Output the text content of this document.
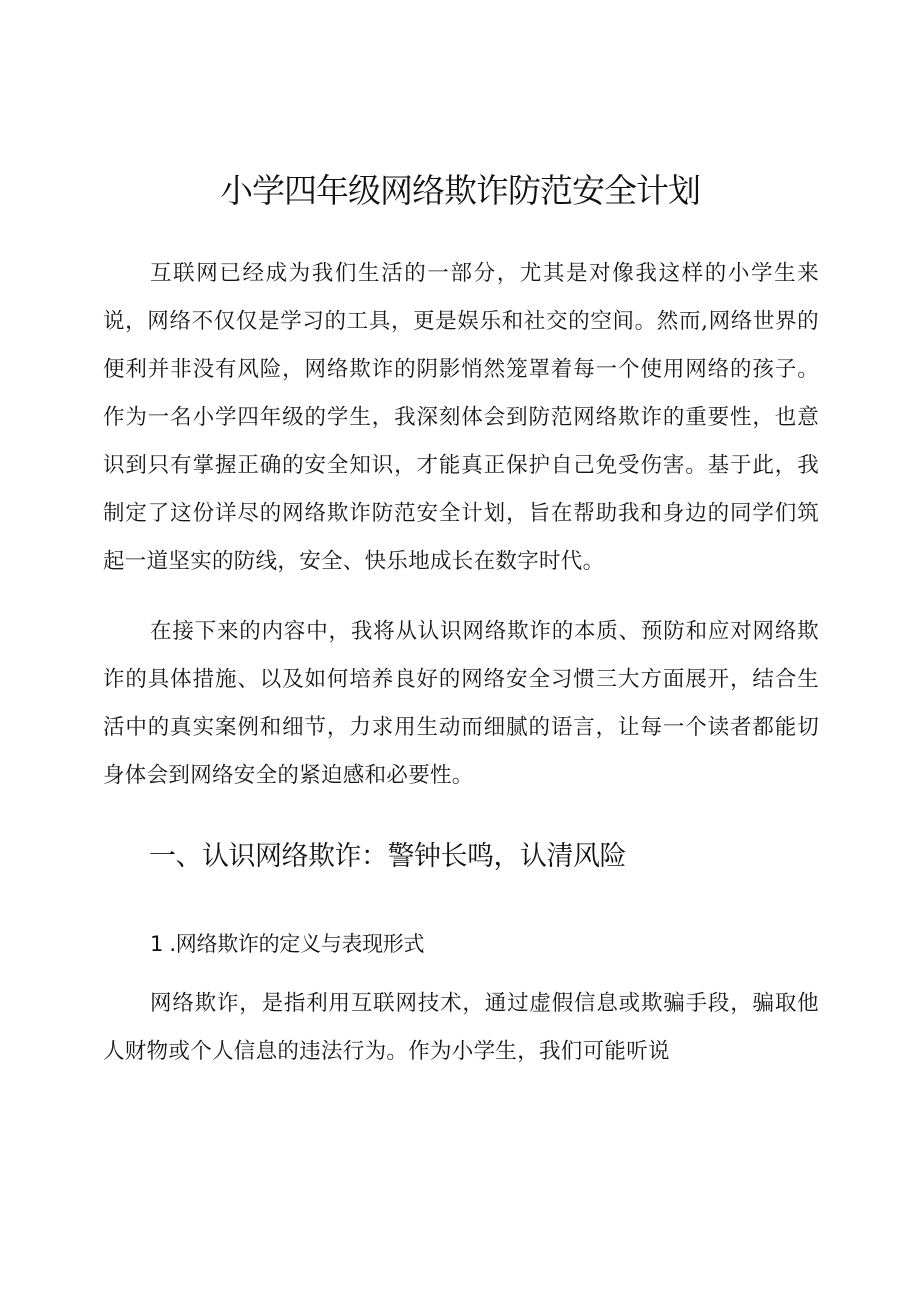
小学四年级网络欺诈防范安全计划

互联网已经成为我们生活的一部分，尤其是对像我这样的小学生来说，网络不仅仅是学习的工具，更是娱乐和社交的空间。然而,网络世界的便利并非没有风险，网络欺诈的阴影悄然笼罩着每一个使用网络的孩子。作为一名小学四年级的学生，我深刻体会到防范网络欺诈的重要性，也意识到只有掌握正确的安全知识，才能真正保护自己免受伤害。基于此，我制定了这份详尽的网络欺诈防范安全计划，旨在帮助我和身边的同学们筑起一道坚实的防线，安全、快乐地成长在数字时代。

在接下来的内容中，我将从认识网络欺诈的本质、预防和应对网络欺诈的具体措施、以及如何培养良好的网络安全习惯三大方面展开，结合生活中的真实案例和细节，力求用生动而细腻的语言，让每一个读者都能切身体会到网络安全的紧迫感和必要性。

一、认识网络欺诈：警钟长鸣，认清风险
1 .网络欺诈的定义与表现形式

网络欺诈，是指利用互联网技术，通过虚假信息或欺骗手段，骗取他人财物或个人信息的违法行为。作为小学生，我们可能听说
